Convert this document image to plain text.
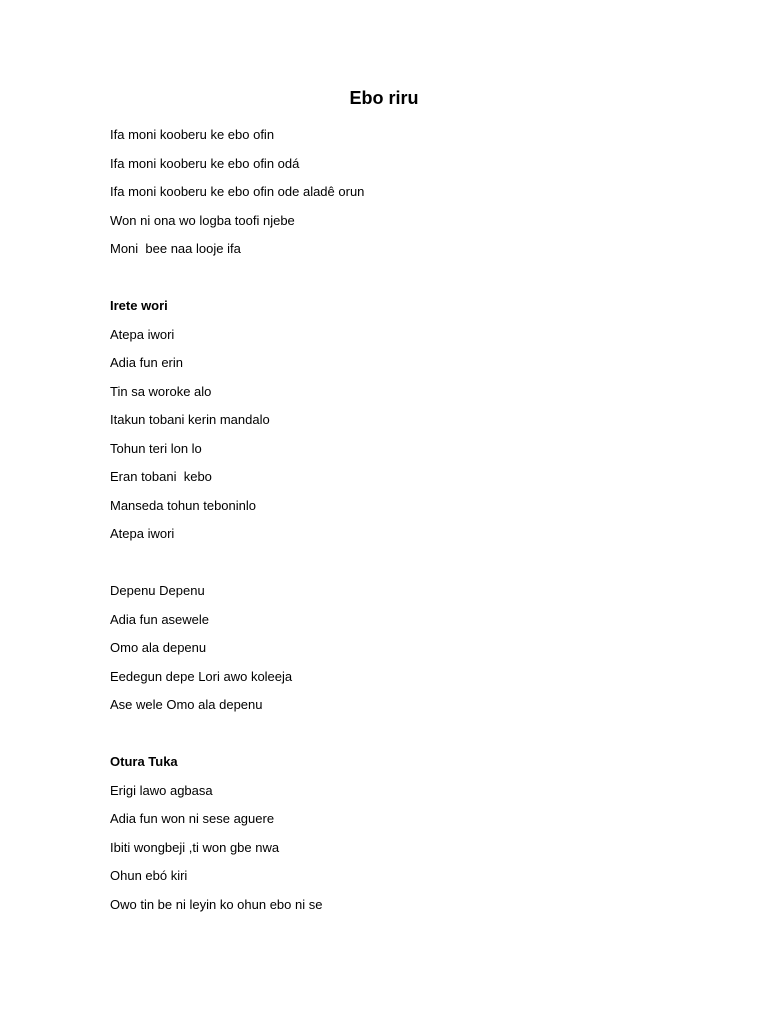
Ebo riru
Ifa moni kooberu ke ebo ofin
Ifa moni kooberu ke ebo ofin odá
Ifa moni kooberu ke ebo ofin ode aladê orun
Won ni ona wo logba toofi njebe
Moni  bee naa looje ifa
Irete wori
Atepa iwori
Adia fun erin
Tin sa woroke alo
Itakun tobani kerin mandalo
Tohun teri lon lo
Eran tobani  kebo
Manseda tohun teboninlo
Atepa iwori
Depenu Depenu
Adia fun asewele
Omo ala depenu
Eedegun depe Lori awo koleeja
Ase wele Omo ala depenu
Otura Tuka
Erigi lawo agbasa
Adia fun won ni sese aguere
Ibiti wongbeji ,ti won gbe nwa
Ohun ebó kiri
Owo tin be ni leyin ko ohun ebo ni se
